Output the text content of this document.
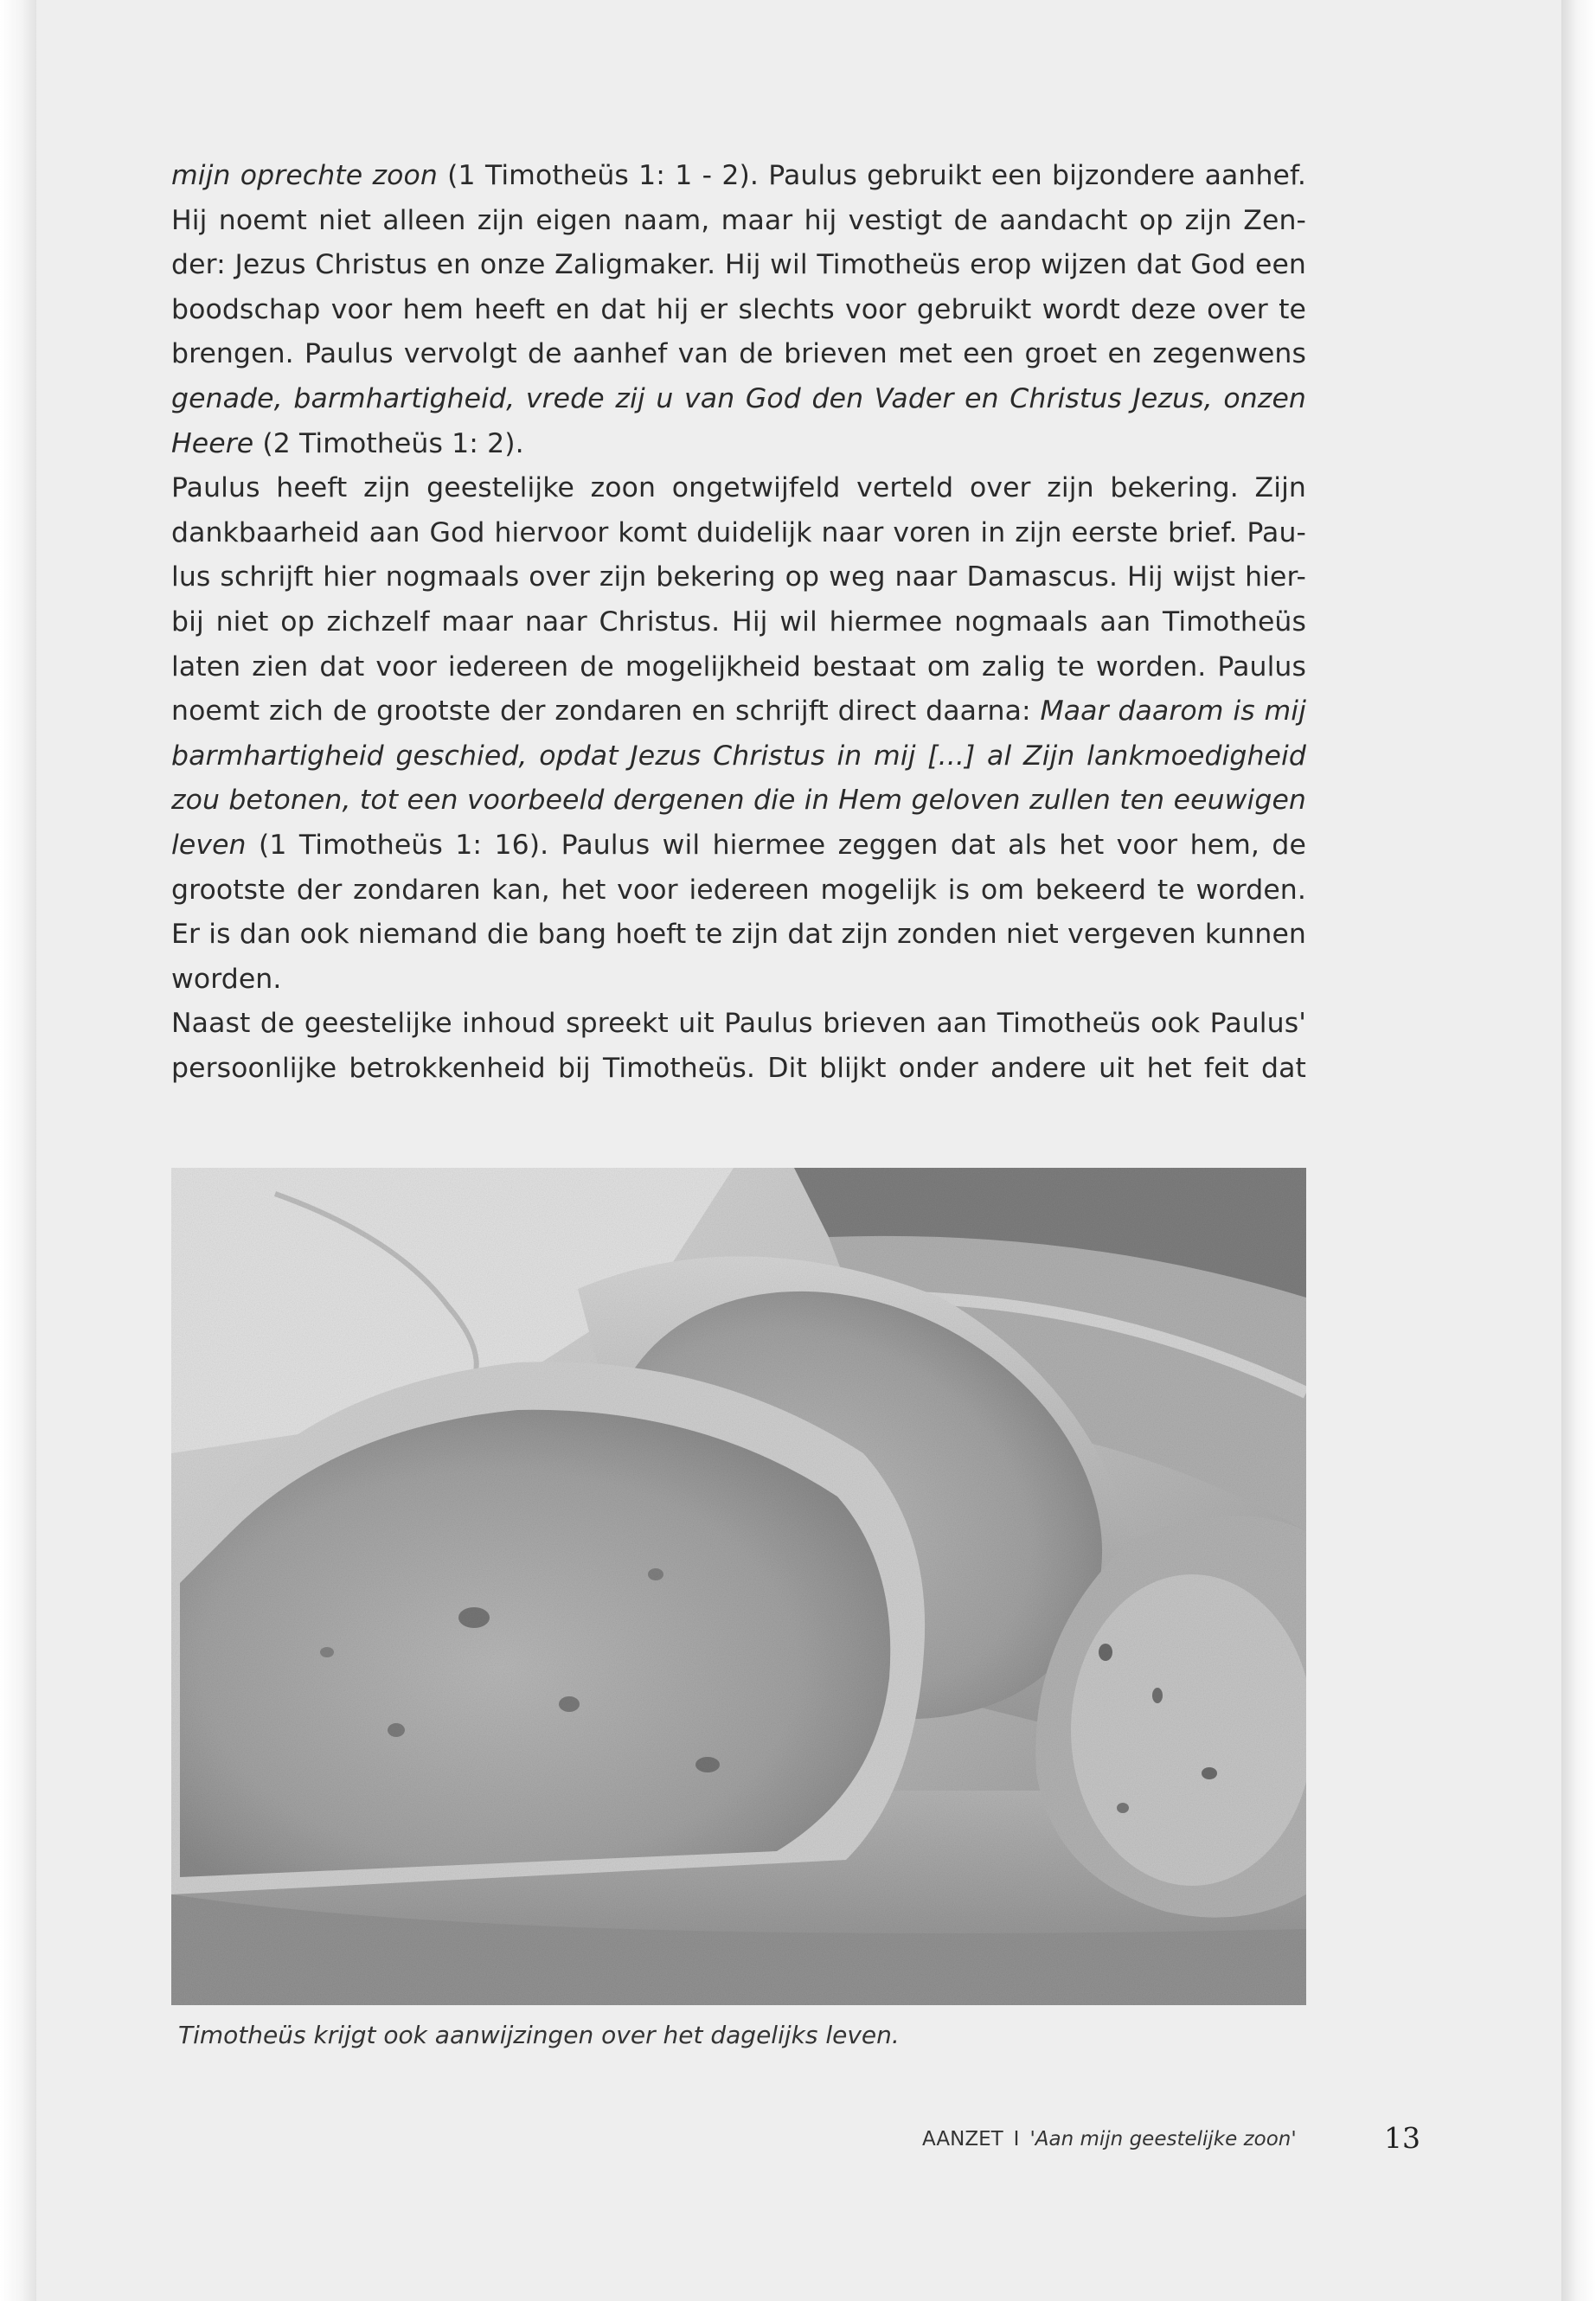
mijn oprechte zoon (1 Timotheüs 1: 1 - 2). Paulus gebruikt een bijzondere aanhef.
Hij noemt niet alleen zijn eigen naam, maar hij vestigt de aandacht op zijn Zen-
der: Jezus Christus en onze Zaligmaker. Hij wil Timotheüs erop wijzen dat God een
boodschap voor hem heeft en dat hij er slechts voor gebruikt wordt deze over te
brengen. Paulus vervolgt de aanhef van de brieven met een groet en zegenwens
genade, barmhartigheid, vrede zij u van God den Vader en Christus Jezus, onzen
Heere (2 Timotheüs 1: 2).
Paulus heeft zijn geestelijke zoon ongetwijfeld verteld over zijn bekering. Zijn
dankbaarheid aan God hiervoor komt duidelijk naar voren in zijn eerste brief. Pau-
lus schrijft hier nogmaals over zijn bekering op weg naar Damascus. Hij wijst hier-
bij niet op zichzelf maar naar Christus. Hij wil hiermee nogmaals aan Timotheüs
laten zien dat voor iedereen de mogelijkheid bestaat om zalig te worden. Paulus
noemt zich de grootste der zondaren en schrijft direct daarna: Maar daarom is mij
barmhartigheid geschied, opdat Jezus Christus in mij [...] al Zijn lankmoedigheid
zou betonen, tot een voorbeeld dergenen die in Hem geloven zullen ten eeuwigen
leven (1 Timotheüs 1: 16). Paulus wil hiermee zeggen dat als het voor hem, de
grootste der zondaren kan, het voor iedereen mogelijk is om bekeerd te worden.
Er is dan ook niemand die bang hoeft te zijn dat zijn zonden niet vergeven kunnen
worden.
Naast de geestelijke inhoud spreekt uit Paulus brieven aan Timotheüs ook Paulus'
persoonlijke betrokkenheid bij Timotheüs. Dit blijkt onder andere uit het feit dat
Timotheüs krijgt ook aanwijzingen over het dagelijks leven.
AANZET I 'Aan mijn geestelijke zoon'	13
